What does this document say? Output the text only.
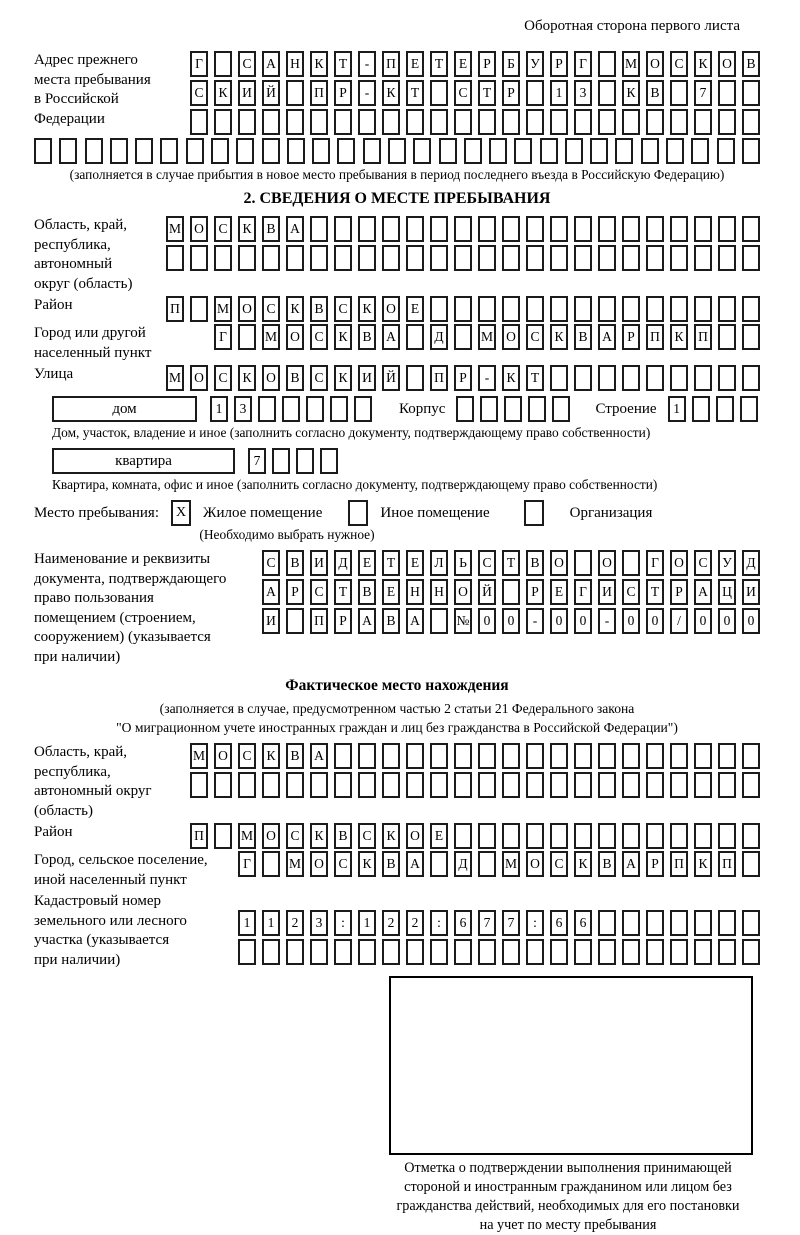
Оборотная сторона первого листа
Адрес прежнего
места пребывания
в Российской
Федерации
Г	С	А	Н	К	Т	-	П	Е	Т	Е	Р	Б	У	Р	Г	М О	С	К	О	В
С	К	И	Й	П	Р	-	К	Т	С	Т	Р	1	3	К	В	7
(заполняется в случае прибытия в новое место пребывания в период последнего въезда в Российскую Федерацию)
2. СВЕДЕНИЯ О МЕСТЕ ПРЕБЫВАНИЯ
Область, край,
республика,
автономный
округ (область)
М О	С	К	В	А
Район	П	М О	С	К	В	С	К	О	Е
Город или другой
населенный пункт
Г	М О	С	К	В	А	Д	М О	С	К	В	А	Р	П	К	П
Улица	М О	С	К	О	В	С	К	И	Й	П	Р	-	К	Т
дом	1	3	Корпус	Строение	1
Дом, участок, владение и иное (заполнить согласно документу, подтверждающему право собственности)
квартира	7
Квартира, комната, офис и иное (заполнить согласно документу, подтверждающему право собственности)
Место пребывания:	X	Жилое помещение	Иное помещение	Организация
(Необходимо выбрать нужное)
Наименование и реквизиты
документа, подтверждающего
право пользования
помещением (строением,
сооружением) (указывается
при наличии)
С	В	И	Д	Е	Т	Е	Л	Ь	С	Т	В	О	О	Г	О	С	У	Д
А	Р	С	Т	В	Е	Н	Н	О	Й	Р	Е	Г	И	С	Т	Р	А	Ц	И
И	П	Р	А	В	А	№	0	0	-	0	0	-	0	0	/	0	0	0
Фактическое место нахождения
(заполняется в случае, предусмотренном частью 2 статьи 21 Федерального закона
"О миграционном учете иностранных граждан и лиц без гражданства в Российской Федерации")
Область, край,
республика,
автономный округ
(область)
М О	С	К	В	А
Район	П	М О	С	К	В	С	К	О	Е
Город, сельское поселение,
иной населенный пункт
Г	М О	С	К	В	А	Д	М О	С	К	В	А	Р	П	К	П
Кадастровый номер
земельного или лесного
участка (указывается
при наличии)
1	1	2	3	:	1	2	2	:	6	7	7	:	6	6
Отметка о подтверждении выполнения принимающей
стороной и иностранным гражданином или лицом без
гражданства действий, необходимых для его постановки
на учет по месту пребывания
